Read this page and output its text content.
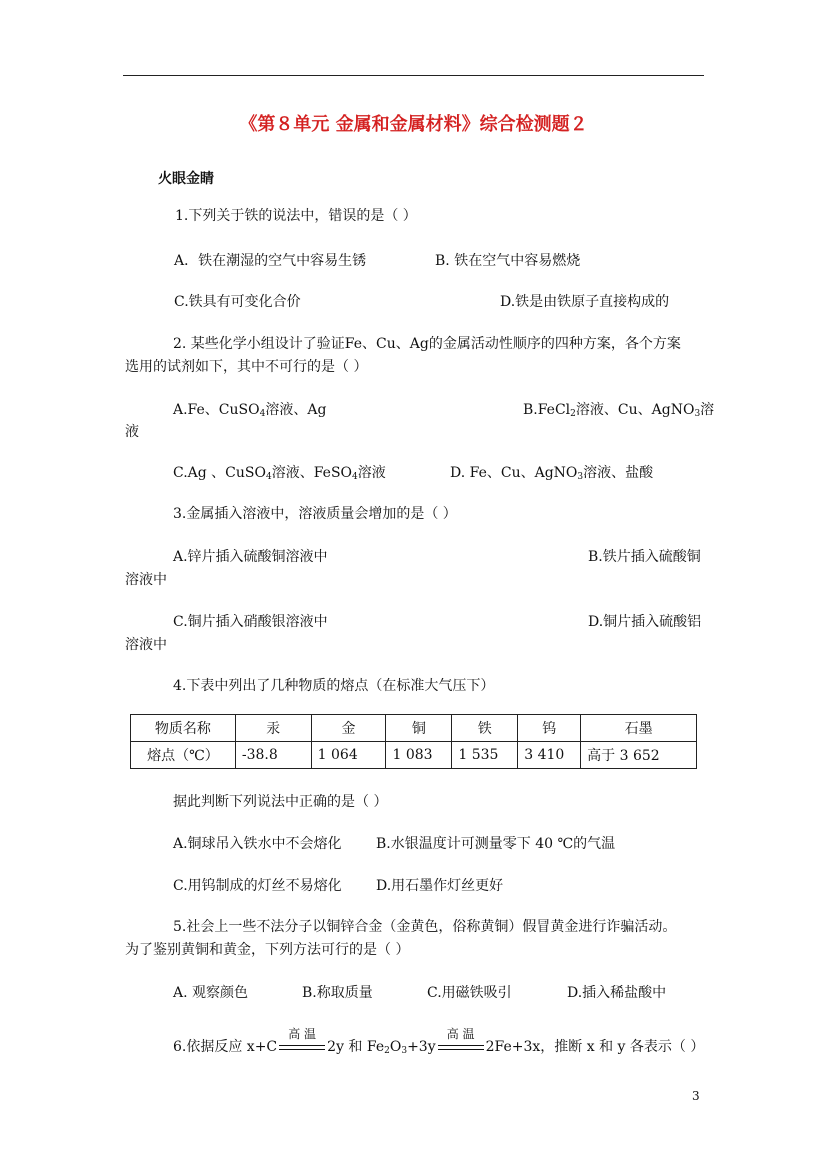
《第８单元 金属和金属材料》综合检测题２
火眼金睛
1.下列关于铁的说法中，错误的是（ ）
A．铁在潮湿的空气中容易生锈	B. 铁在空气中容易燃烧
C.铁具有可变化合价	D.铁是由铁原子直接构成的
2. 某些化学小组设计了验证Fe、Cu、Ag的金属活动性顺序的四种方案，各个方案
选用的试剂如下，其中不可行的是（ ）
A.Fe、CuSO$_4$溶液、Ag	B.FeCl$_2$溶液、Cu、AgNO$_3$溶
液
C.Ag 、CuSO$_4$溶液、FeSO$_4$溶液	D. Fe、Cu、AgNO$_3$溶液、盐酸
3.金属插入溶液中，溶液质量会增加的是（ ）
A.锌片插入硫酸铜溶液中	B.铁片插入硫酸铜
溶液中
C.铜片插入硝酸银溶液中	D.铜片插入硫酸铝
溶液中
4.下表中列出了几种物质的熔点（在标准大气压下）
物质名称	汞	金	铜	铁	钨	石墨
熔点（℃）	-38.8	1 064	1 083	1 535	3 410	高于 3 652
据此判断下列说法中正确的是（ ）
A.铜球吊入铁水中不会熔化 B.水银温度计可测量零下 40 ℃的气温
C.用钨制成的灯丝不易熔化 D.用石墨作灯丝更好
5.社会上一些不法分子以铜锌合金（金黄色，俗称黄铜）假冒黄金进行诈骗活动。
为了鉴别黄铜和黄金，下列方法可行的是（ ）
A. 观察颜色	B.称取质量	C.用磁铁吸引	D.插入稀盐酸中
6.依据反应 x+C
高 温
2y 和 $Fe_2O_3+3y$
高 温
2Fe+3x，推断 x 和 y 各表示（ ）
3
